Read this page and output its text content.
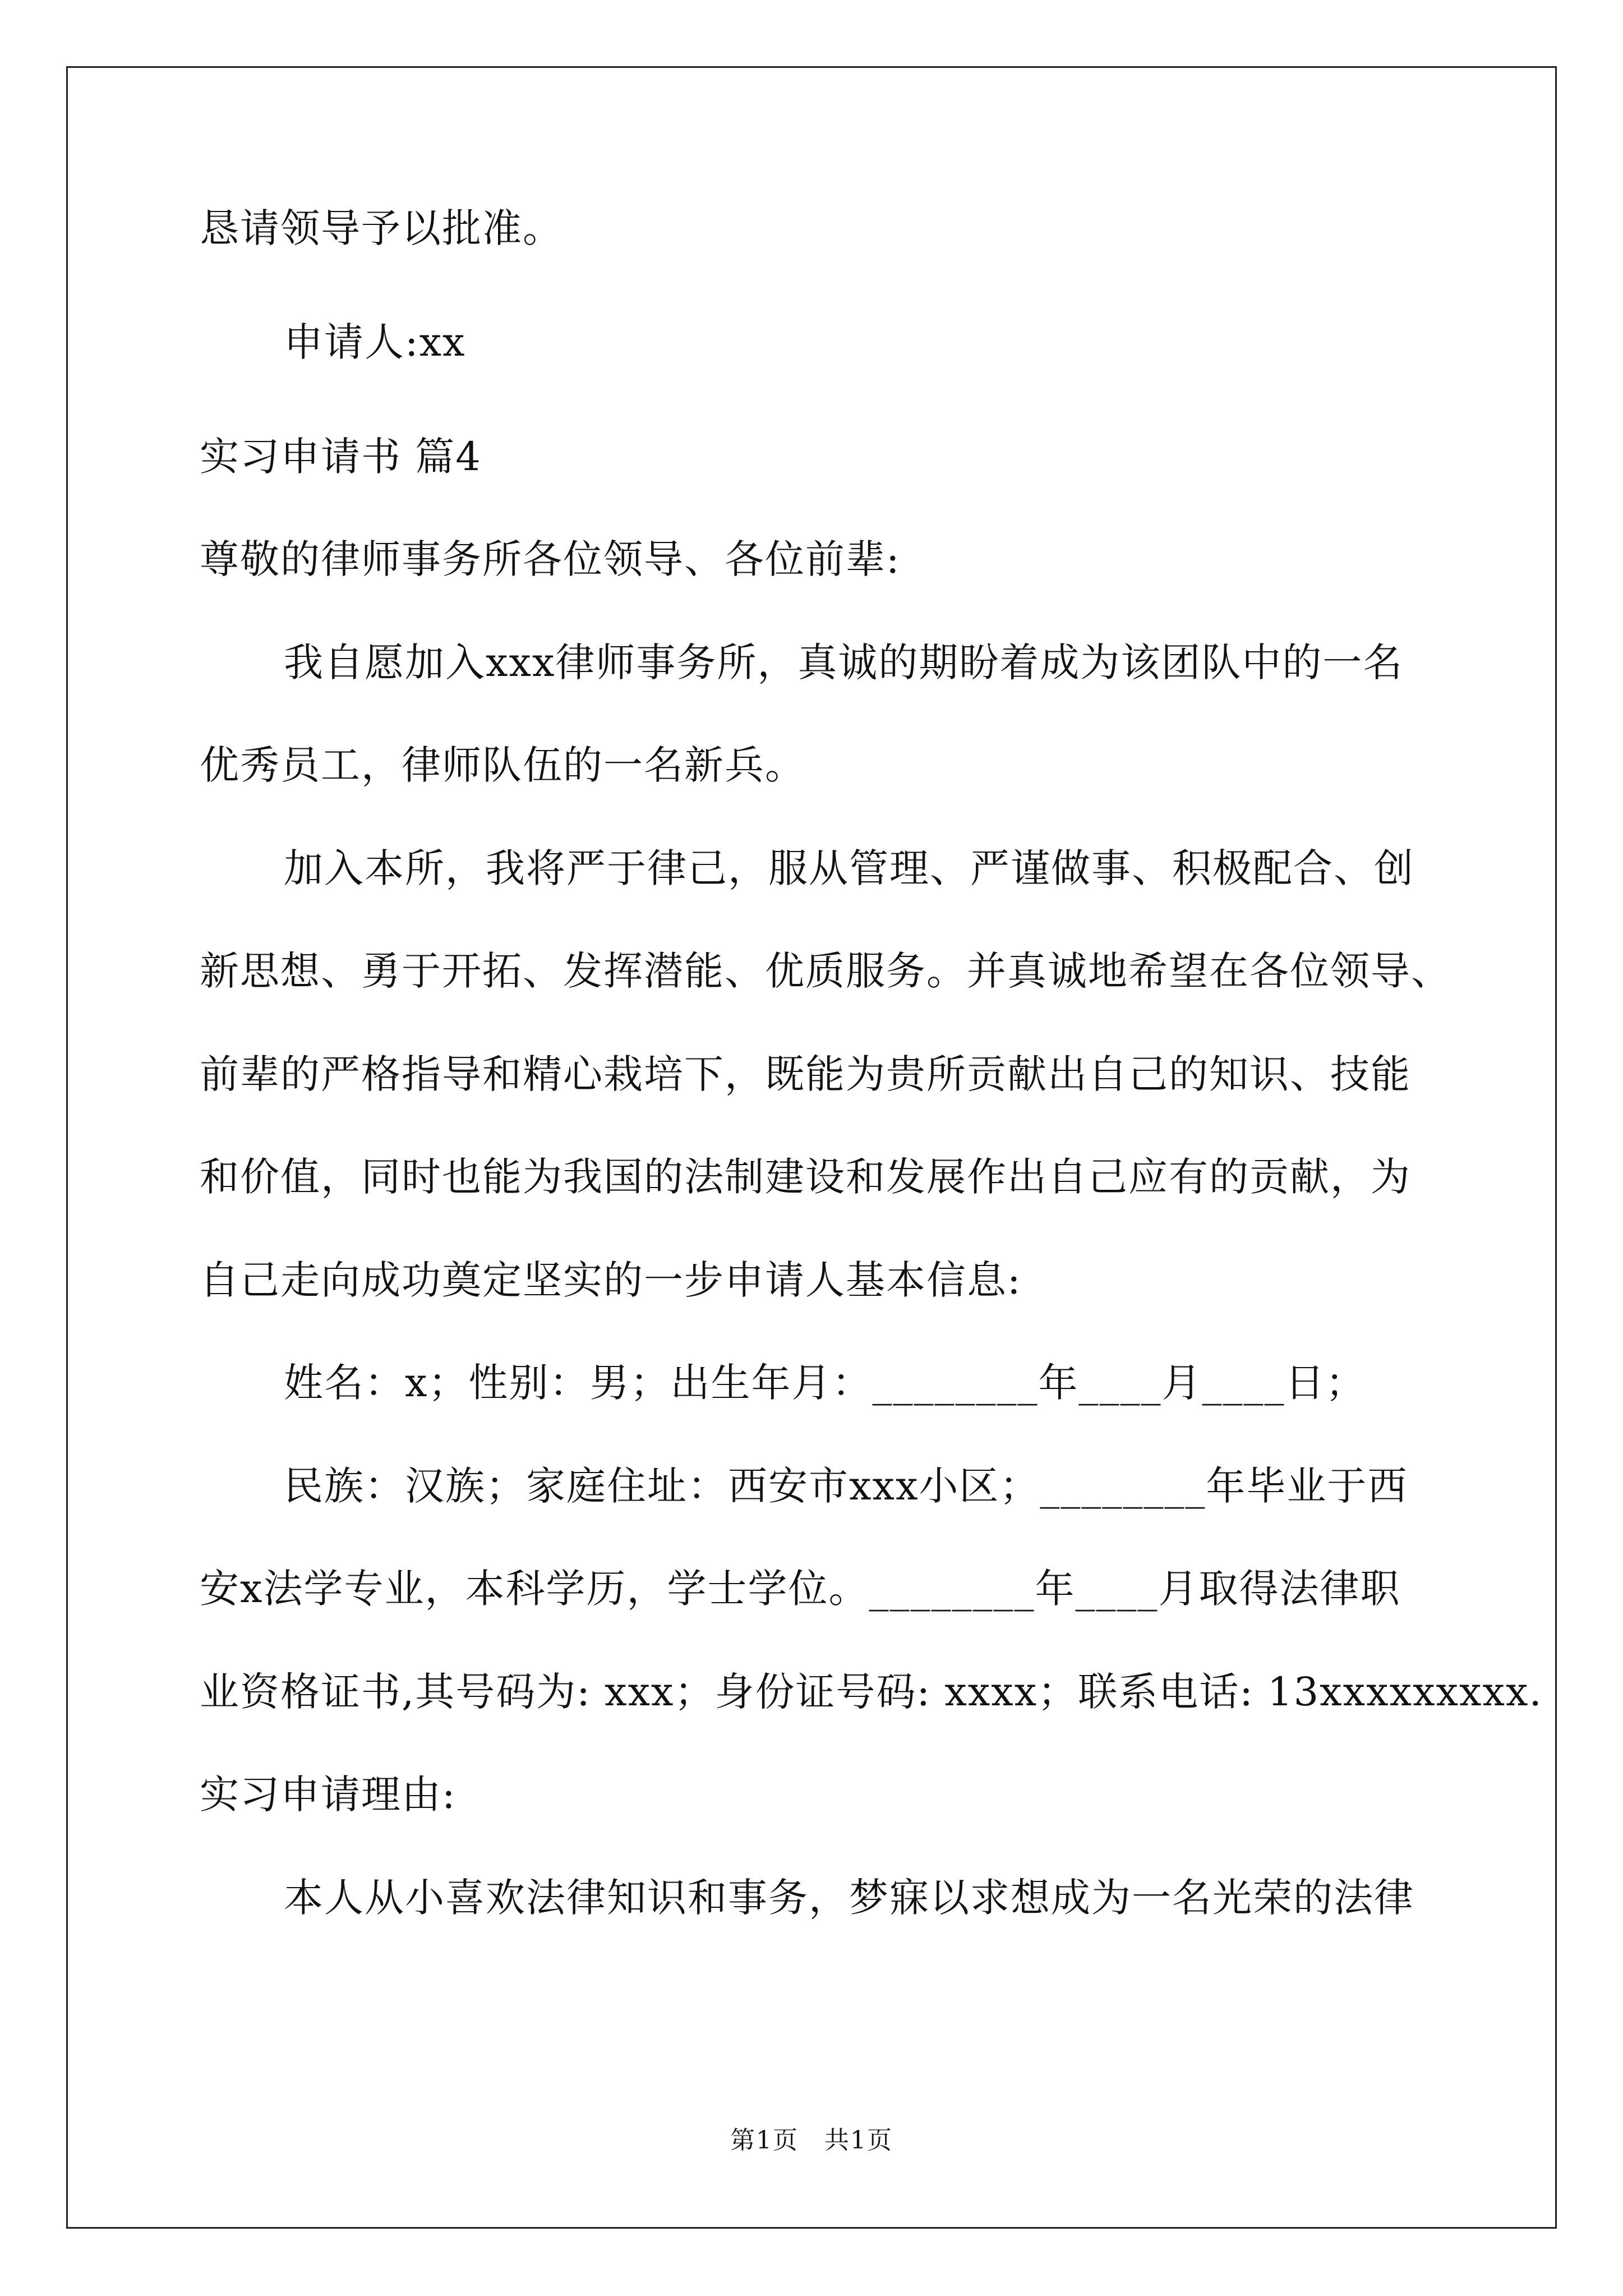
恳请领导予以批准。
申请人:xx
实习申请书 篇4
尊敬的律师事务所各位领导、各位前辈:
我自愿加入xxx律师事务所，真诚的期盼着成为该团队中的一名
优秀员工，律师队伍的一名新兵。
加入本所，我将严于律己，服从管理、严谨做事、积极配合、创
新思想、勇于开拓、发挥潜能、优质服务。并真诚地希望在各位领导、
前辈的严格指导和精心栽培下，既能为贵所贡献出自己的知识、技能
和价值，同时也能为我国的法制建设和发展作出自己应有的贡献，为
自己走向成功奠定坚实的一步申请人基本信息:
姓名：x；性别：男；出生年月：________年____月____日；
民族：汉族；家庭住址：西安市xxx小区；________年毕业于西
安x法学专业，本科学历，学士学位。________年____月取得法律职
业资格证书,其号码为: xxx；身份证号码: xxxx；联系电话: 13xxxxxxxxx.
实习申请理由:
本人从小喜欢法律知识和事务，梦寐以求想成为一名光荣的法律
第1页　共1页
